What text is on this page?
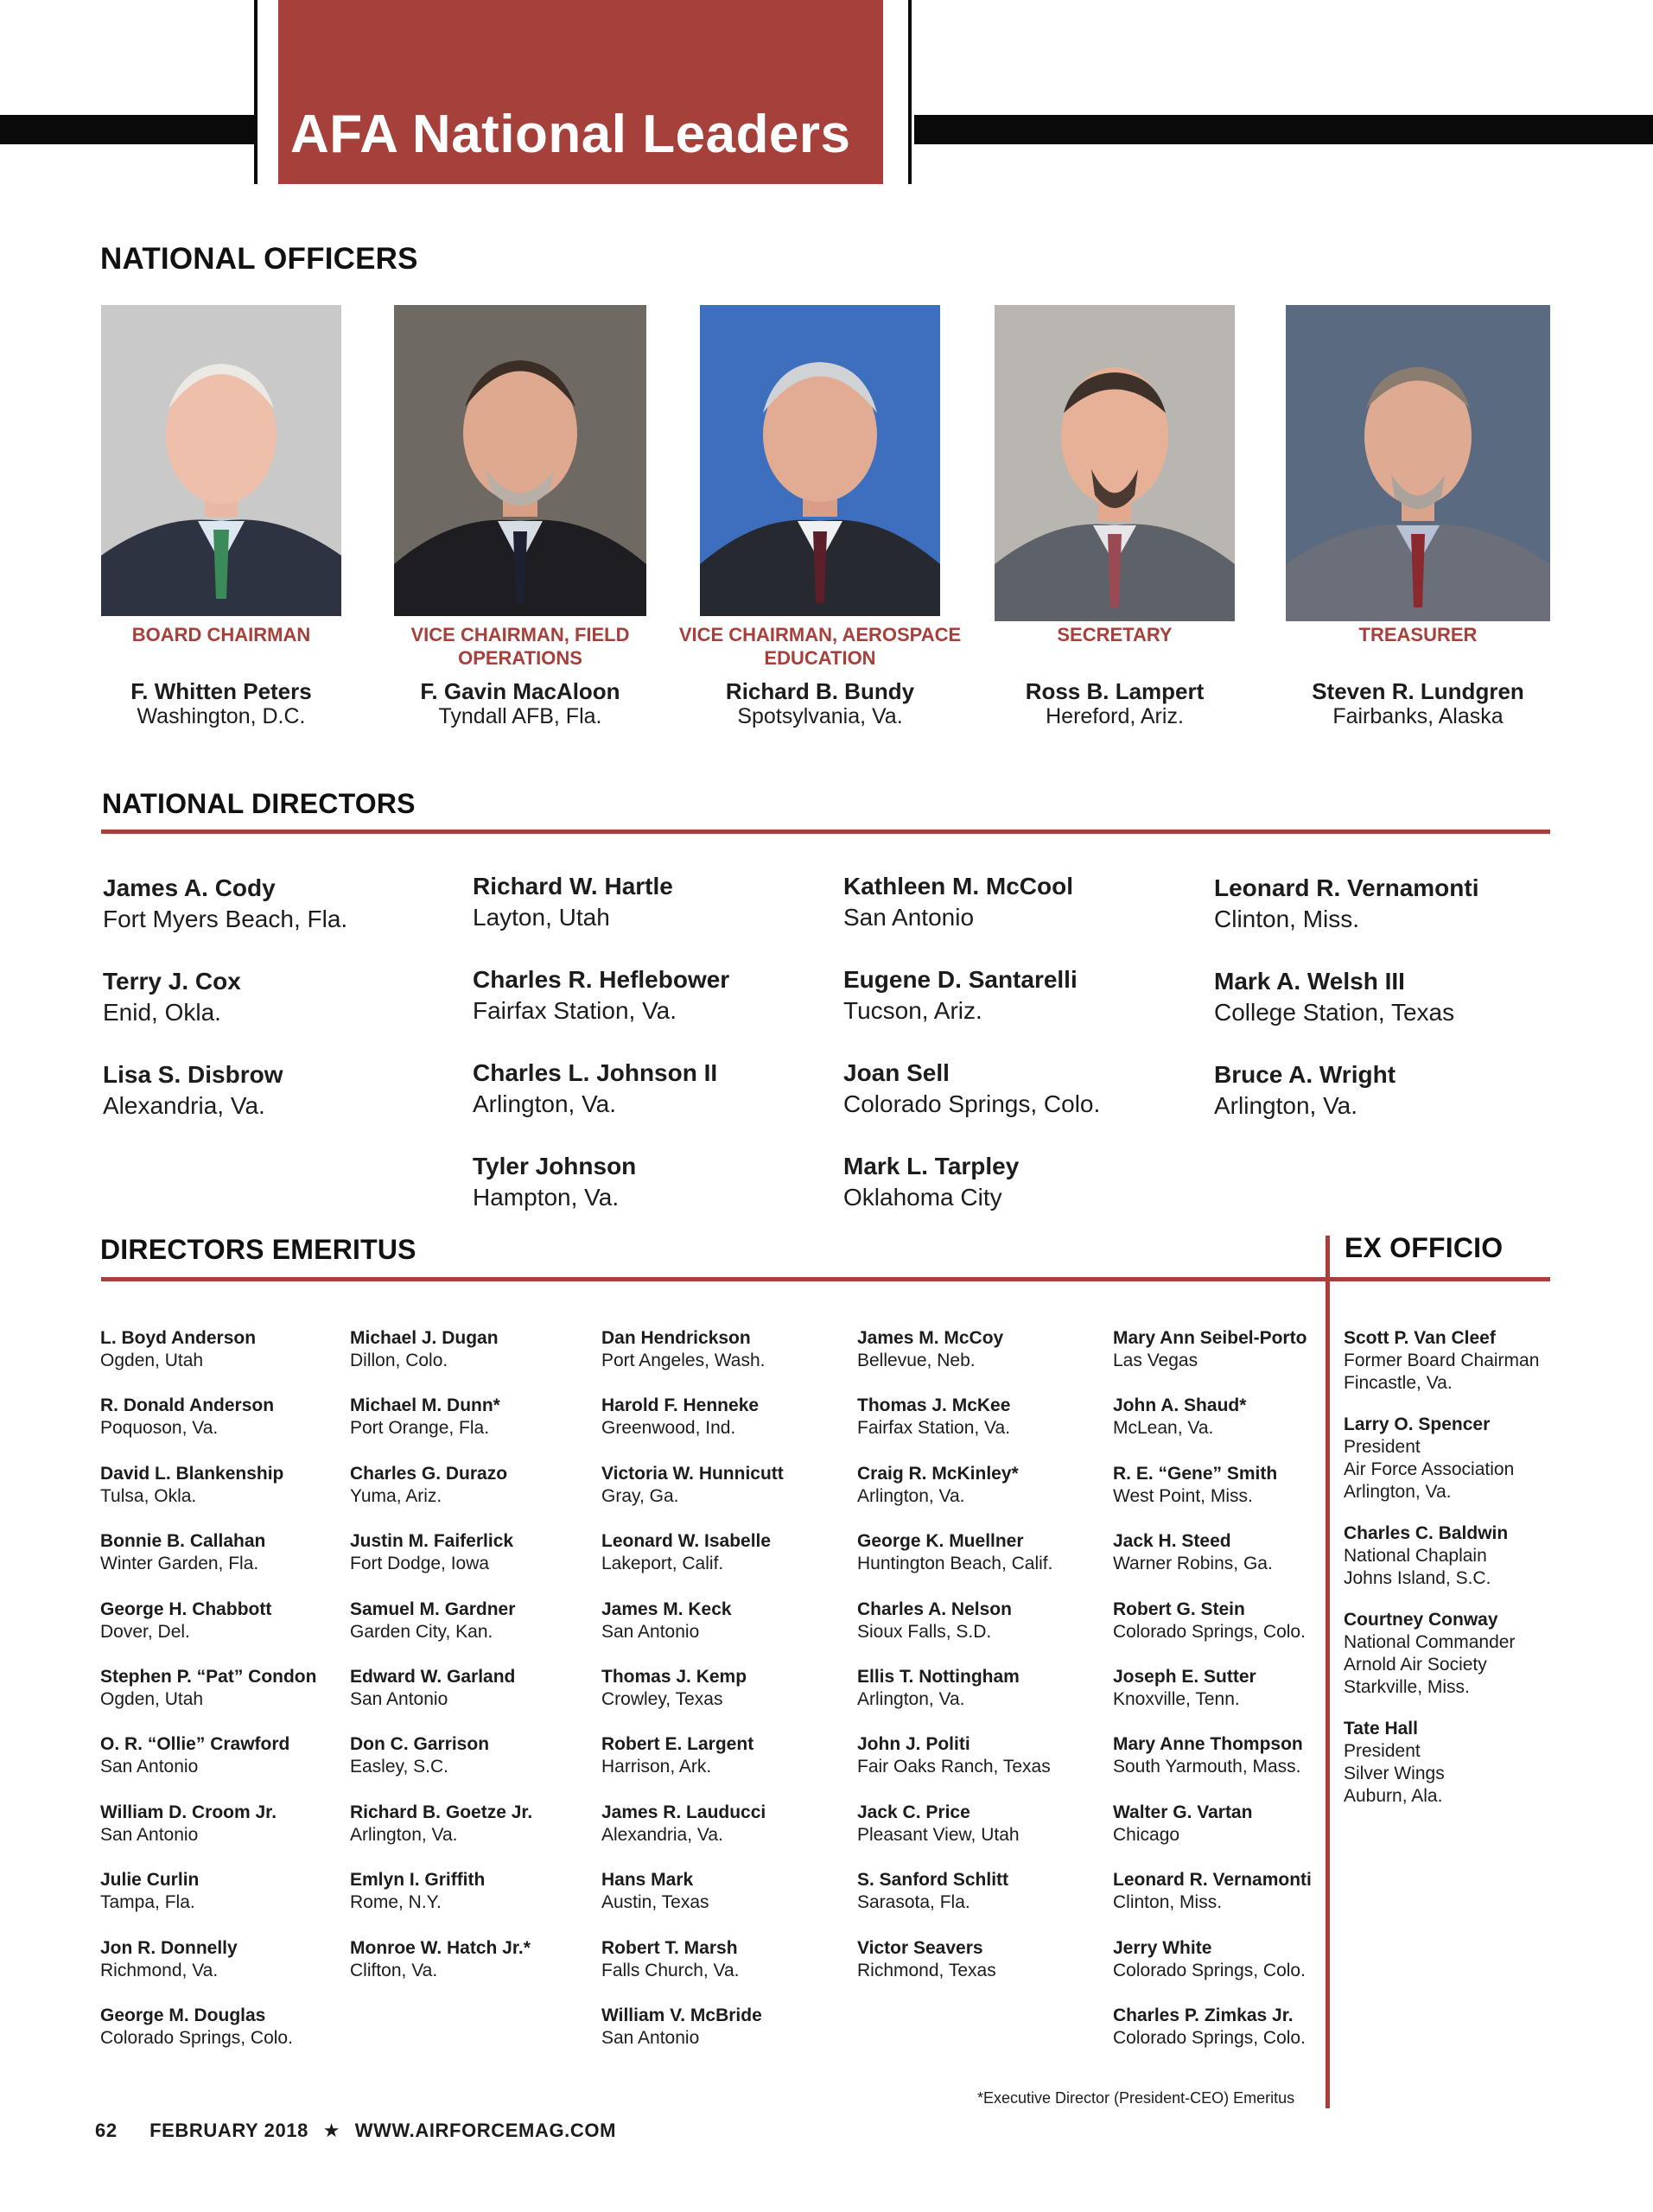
AFA National Leaders
NATIONAL OFFICERS
BOARD CHAIRMAN
F. Whitten Peters
Washington, D.C.
VICE CHAIRMAN, FIELD OPERATIONS
F. Gavin MacAloon
Tyndall AFB, Fla.
VICE CHAIRMAN, AEROSPACE EDUCATION
Richard B. Bundy
Spotsylvania, Va.
SECRETARY
Ross B. Lampert
Hereford, Ariz.
TREASURER
Steven R. Lundgren
Fairbanks, Alaska
NATIONAL DIRECTORS
James A. Cody
Fort Myers Beach, Fla.
Terry J. Cox
Enid, Okla.
Lisa S. Disbrow
Alexandria, Va.
Richard W. Hartle
Layton, Utah
Charles R. Heflebower
Fairfax Station, Va.
Charles L. Johnson II
Arlington, Va.
Tyler Johnson
Hampton, Va.
Kathleen M. McCool
San Antonio
Eugene D. Santarelli
Tucson, Ariz.
Joan Sell
Colorado Springs, Colo.
Mark L. Tarpley
Oklahoma City
Leonard R. Vernamonti
Clinton, Miss.
Mark A. Welsh III
College Station, Texas
Bruce A. Wright
Arlington, Va.
DIRECTORS EMERITUS	EX OFFICIO
L. Boyd Anderson
Ogden, Utah
R. Donald Anderson
Poquoson, Va.
David L. Blankenship
Tulsa, Okla.
Bonnie B. Callahan
Winter Garden, Fla.
George H. Chabbott
Dover, Del.
Stephen P. “Pat” Condon
Ogden, Utah
O. R. “Ollie” Crawford
San Antonio
William D. Croom Jr.
San Antonio
Julie Curlin
Tampa, Fla.
Jon R. Donnelly
Richmond, Va.
George M. Douglas
Colorado Springs, Colo.
Michael J. Dugan
Dillon, Colo.
Michael M. Dunn*
Port Orange, Fla.
Charles G. Durazo
Yuma, Ariz.
Justin M. Faiferlick
Fort Dodge, Iowa
Samuel M. Gardner
Garden City, Kan.
Edward W. Garland
San Antonio
Don C. Garrison
Easley, S.C.
Richard B. Goetze Jr.
Arlington, Va.
Emlyn I. Griffith
Rome, N.Y.
Monroe W. Hatch Jr.*
Clifton, Va.
Dan Hendrickson
Port Angeles, Wash.
Harold F. Henneke
Greenwood, Ind.
Victoria W. Hunnicutt
Gray, Ga.
Leonard W. Isabelle
Lakeport, Calif.
James M. Keck
San Antonio
Thomas J. Kemp
Crowley, Texas
Robert E. Largent
Harrison, Ark.
James R. Lauducci
Alexandria, Va.
Hans Mark
Austin, Texas
Robert T. Marsh
Falls Church, Va.
William V. McBride
San Antonio
James M. McCoy
Bellevue, Neb.
Thomas J. McKee
Fairfax Station, Va.
Craig R. McKinley*
Arlington, Va.
George K. Muellner
Huntington Beach, Calif.
Charles A. Nelson
Sioux Falls, S.D.
Ellis T. Nottingham
Arlington, Va.
John J. Politi
Fair Oaks Ranch, Texas
Jack C. Price
Pleasant View, Utah
S. Sanford Schlitt
Sarasota, Fla.
Victor Seavers
Richmond, Texas
Mary Ann Seibel-Porto
Las Vegas
John A. Shaud*
McLean, Va.
R. E. “Gene” Smith
West Point, Miss.
Jack H. Steed
Warner Robins, Ga.
Robert G. Stein
Colorado Springs, Colo.
Joseph E. Sutter
Knoxville, Tenn.
Mary Anne Thompson
South Yarmouth, Mass.
Walter G. Vartan
Chicago
Leonard R. Vernamonti
Clinton, Miss.
Jerry White
Colorado Springs, Colo.
Charles P. Zimkas Jr.
Colorado Springs, Colo.
Scott P. Van Cleef
Former Board Chairman
Fincastle, Va.
Larry O. Spencer
President
Air Force Association
Arlington, Va.
Charles C. Baldwin
National Chaplain
Johns Island, S.C.
Courtney Conway
National Commander
Arnold Air Society
Starkville, Miss.
Tate Hall
President
Silver Wings
Auburn, Ala.
*Executive Director (President-CEO) Emeritus
62 FEBRUARY 2018 ★ WWW.AIRFORCEMAG.COM
